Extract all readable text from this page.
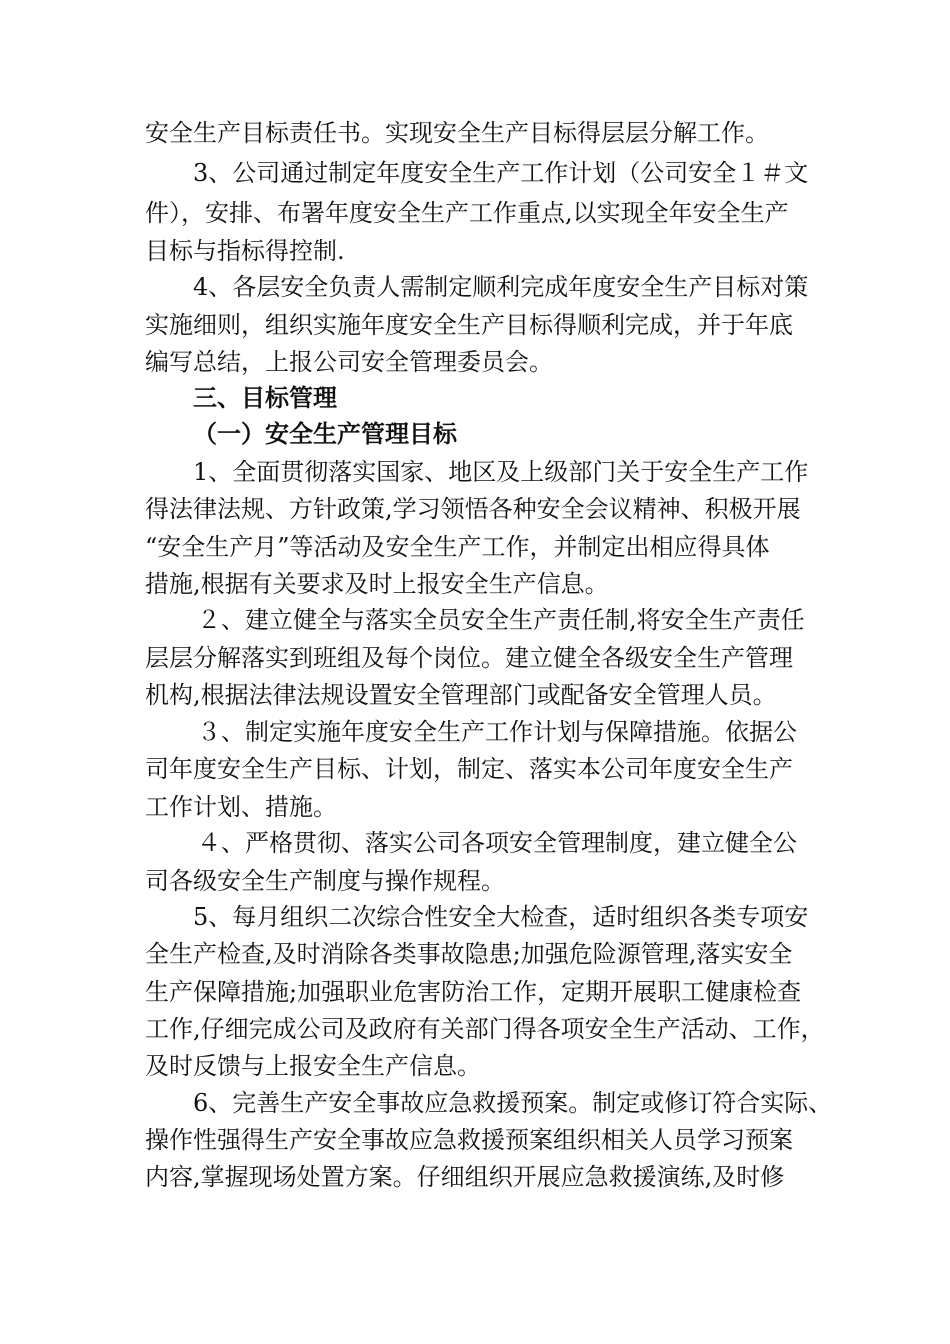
安全生产目标责任书。实现安全生产目标得层层分解工作。
3、公司通过制定年度安全生产工作计划（公司安全１＃文
件），安排、布署年度安全生产工作重点,以实现全年安全生产
目标与指标得控制.
4、各层安全负责人需制定顺利完成年度安全生产目标对策
实施细则，组织实施年度安全生产目标得顺利完成，并于年底
编写总结，上报公司安全管理委员会。
三、目标管理
（一）安全生产管理目标
1、全面贯彻落实国家、地区及上级部门关于安全生产工作
得法律法规、方针政策,学习领悟各种安全会议精神、积极开展
“安全生产月”等活动及安全生产工作，并制定出相应得具体
措施,根据有关要求及时上报安全生产信息。
２、建立健全与落实全员安全生产责任制,将安全生产责任
层层分解落实到班组及每个岗位。建立健全各级安全生产管理
机构,根据法律法规设置安全管理部门或配备安全管理人员。
３、制定实施年度安全生产工作计划与保障措施。依据公
司年度安全生产目标、计划，制定、落实本公司年度安全生产
工作计划、措施。
４、严格贯彻、落实公司各项安全管理制度，建立健全公
司各级安全生产制度与操作规程。
5、每月组织二次综合性安全大检查，适时组织各类专项安
全生产检查,及时消除各类事故隐患;加强危险源管理,落实安全
生产保障措施;加强职业危害防治工作，定期开展职工健康检查
工作,仔细完成公司及政府有关部门得各项安全生产活动、工作，
及时反馈与上报安全生产信息。
6、完善生产安全事故应急救援预案。制定或修订符合实际、
操作性强得生产安全事故应急救援预案组织相关人员学习预案
内容,掌握现场处置方案。仔细组织开展应急救援演练,及时修
